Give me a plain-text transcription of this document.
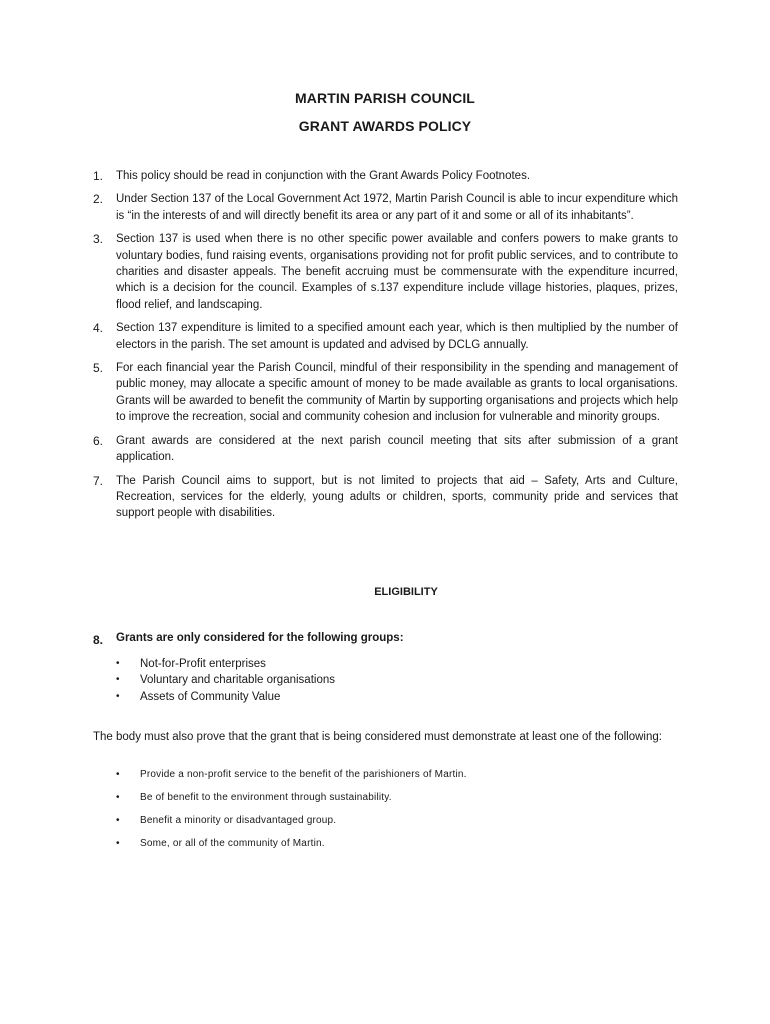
MARTIN PARISH COUNCIL
GRANT AWARDS POLICY
1.	This policy should be read in conjunction with the Grant Awards Policy Footnotes.
2.	Under Section 137 of the Local Government Act 1972, Martin Parish Council is able to incur expenditure which is “in the interests of and will directly benefit its area or any part of it and some or all of its inhabitants”.
3.	Section 137 is used when there is no other specific power available and confers powers to make grants to voluntary bodies, fund raising events, organisations providing not for profit public services, and to contribute to charities and disaster appeals. The benefit accruing must be commensurate with the expenditure incurred, which is a decision for the council. Examples of s.137 expenditure include village histories, plaques, prizes, flood relief, and landscaping.
4.	Section 137 expenditure is limited to a specified amount each year, which is then multiplied by the number of electors in the parish. The set amount is updated and advised by DCLG annually.
5.	For each financial year the Parish Council, mindful of their responsibility in the spending and management of public money, may allocate a specific amount of money to be made available as grants to local organisations. Grants will be awarded to benefit the community of Martin by supporting organisations and projects which help to improve the recreation, social and community cohesion and inclusion for vulnerable and minority groups.
6.	Grant awards are considered at the next parish council meeting that sits after submission of a grant application.
7.	The Parish Council aims to support, but is not limited to projects that aid – Safety, Arts and Culture, Recreation, services for the elderly, young adults or children, sports, community pride and services that support people with disabilities.
ELIGIBILITY
8.	Grants are only considered for the following groups:
•	Not-for-Profit enterprises
•	Voluntary and charitable organisations
•	Assets of Community Value
The body must also prove that the grant that is being considered must demonstrate at least one of the following:
•	Provide a non-profit service to the benefit of the parishioners of Martin.
•	Be of benefit to the environment through sustainability.
•	Benefit a minority or disadvantaged group.
•	Some, or all of the community of Martin.
